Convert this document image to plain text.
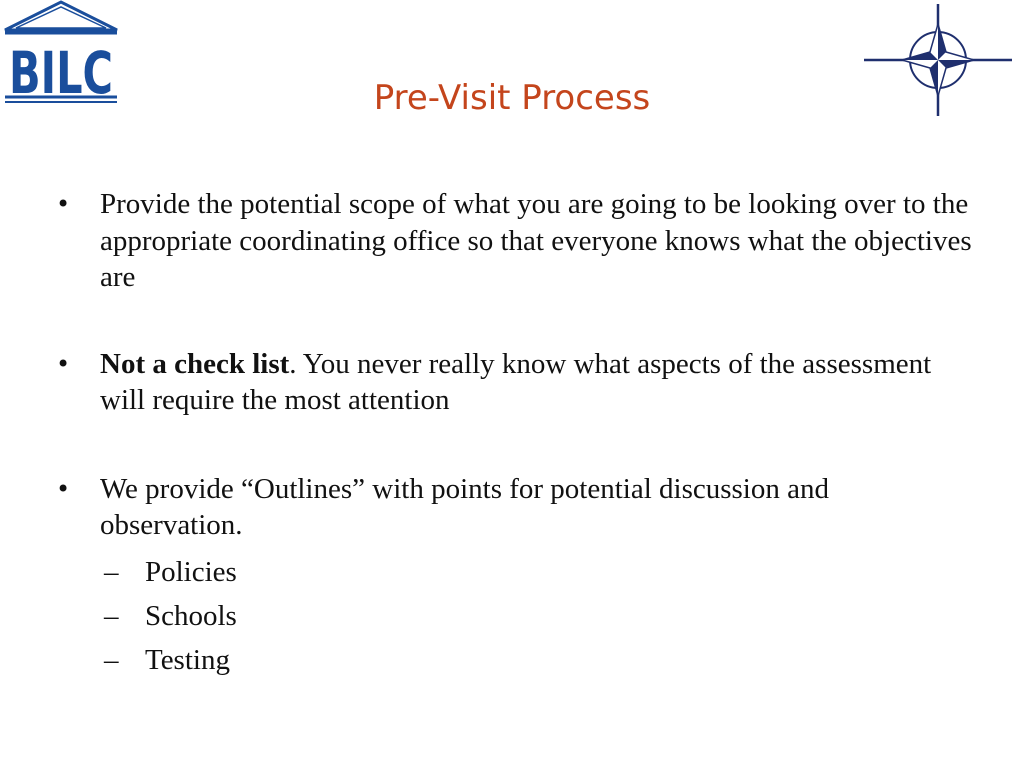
BILC	Pre-Visit Process

• Provide the potential scope of what you are going to be looking over to the appropriate coordinating office so that everyone knows what the objectives are

• Not a check list. You never really know what aspects of the assessment will require the most attention

• We provide “Outlines” with points for potential discussion and observation.

– Policies

– Schools

– Testing
